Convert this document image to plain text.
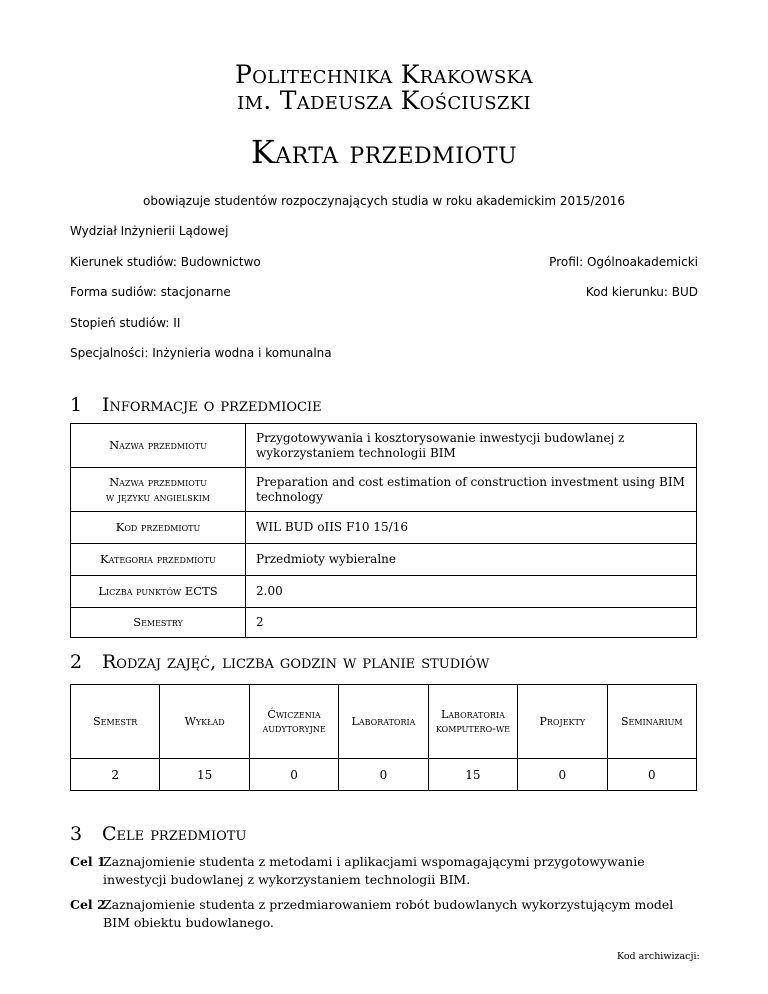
Politechnika Krakowska
im. Tadeusza Kościuszki
Karta przedmiotu
obowiązuje studentów rozpoczynających studia w roku akademickim 2015/2016
Wydział Inżynierii Lądowej
Kierunek studiów: Budownictwo	Profil: Ogólnoakademicki
Forma sudiów: stacjonarne	Kod kierunku: BUD
Stopień studiów: II
Specjalności: Inżynieria wodna i komunalna
1 Informacje o przedmiocie
Nazwa przedmiotu	Przygotowywania i kosztorysowanie inwestycji budowlanej z wykorzystaniem technologii BIM

Nazwa przedmiotu
w języku angielskim	Preparation and cost estimation of construction investment using BIM technology
Kod przedmiotu	WIL BUD oIIS F10 15/16
Kategoria przedmiotu	Przedmioty wybieralne
Liczba punktów ECTS	2.00
Semestry	2
2 Rodzaj zajęć, liczba godzin w planie studiów
Semestr	Wykład	Ćwiczenia audytoryjne	Laboratoria	Laboratoria komputero-we	Projekty	Seminarium
2	15	0	0	15	0	0
3 Cele przedmiotu
Cel 1
Zaznajomienie studenta z metodami i aplikacjami wspomagającymi przygotowywanie inwestycji budowlanej z wykorzystaniem technologii BIM.
Cel 2
Zaznajomienie studenta z przedmiarowaniem robót budowlanych wykorzystującym model BIM obiektu budowlanego.
Kod archiwizacji:
